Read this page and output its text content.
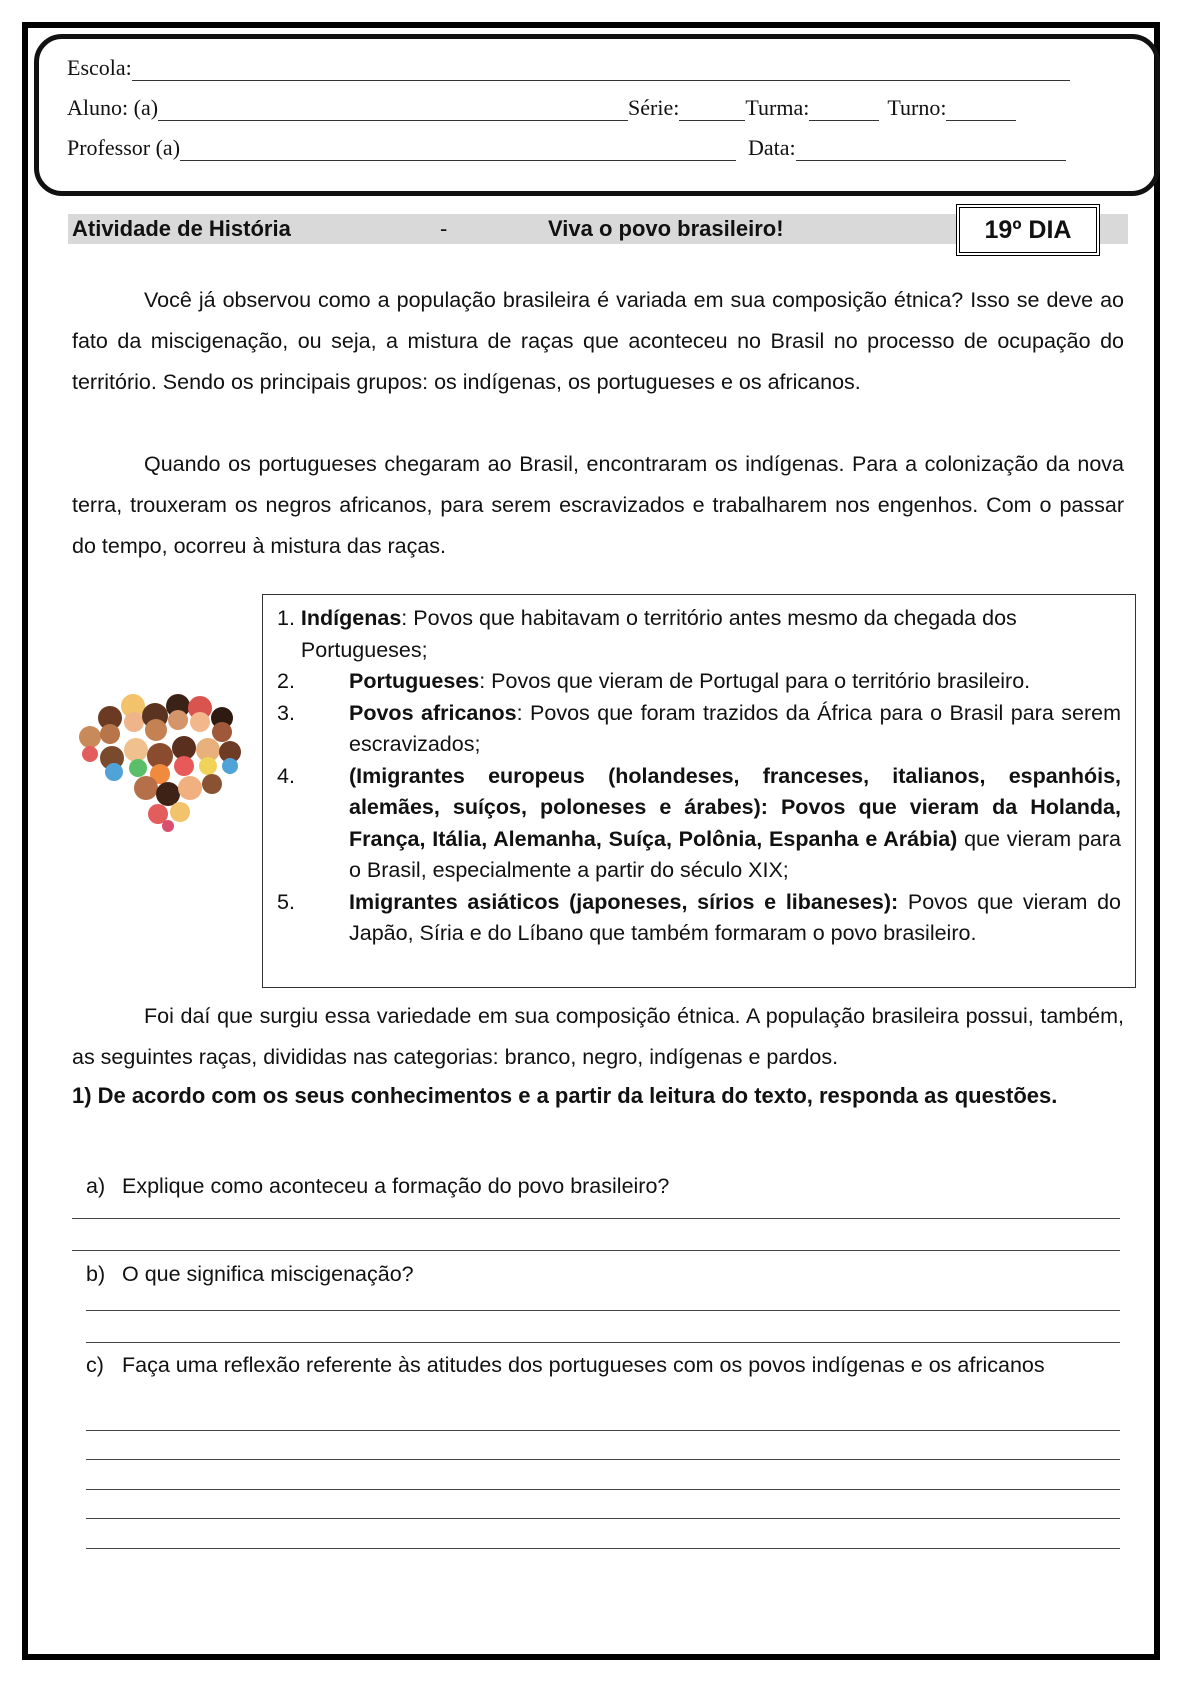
Escola:
Aluno: (a)	Série:	Turma:	Turno:
Professor (a)	Data:
Atividade de História	-	Viva o povo brasileiro!	19º DIA
Você já observou como a população brasileira é variada em sua composição étnica? Isso se deve ao fato da miscigenação, ou seja, a mistura de raças que aconteceu no Brasil no processo de ocupação do território. Sendo os principais grupos: os indígenas, os portugueses e os africanos.
Quando os portugueses chegaram ao Brasil, encontraram os indígenas. Para a colonização da nova terra, trouxeram os negros africanos, para serem escravizados e trabalharem nos engenhos. Com o passar do tempo, ocorreu à mistura das raças.
1.
Indígenas: Povos que habitavam o território antes mesmo da chegada dos Portugueses;
2.	Portugueses: Povos que vieram de Portugal para o território brasileiro.
3.	Povos africanos: Povos que foram trazidos da África para o Brasil para serem escravizados;
4.	(Imigrantes europeus (holandeses, franceses, italianos, espanhóis, alemães, suíços, poloneses e árabes): Povos que vieram da Holanda, França, Itália, Alemanha, Suíça, Polônia, Espanha e Arábia) que vieram para o Brasil, especialmente a partir do século XIX;
5.	Imigrantes asiáticos (japoneses, sírios e libaneses): Povos que vieram do Japão, Síria e do Líbano que também formaram o povo brasileiro.
Foi daí que surgiu essa variedade em sua composição étnica. A população brasileira possui, também, as seguintes raças, divididas nas categorias: branco, negro, indígenas e pardos.
1) De acordo com os seus conhecimentos e a partir da leitura do texto, responda as questões.
a) Explique como aconteceu a formação do povo brasileiro?
b) O que significa miscigenação?
c) Faça uma reflexão referente às atitudes dos portugueses com os povos indígenas e os africanos
